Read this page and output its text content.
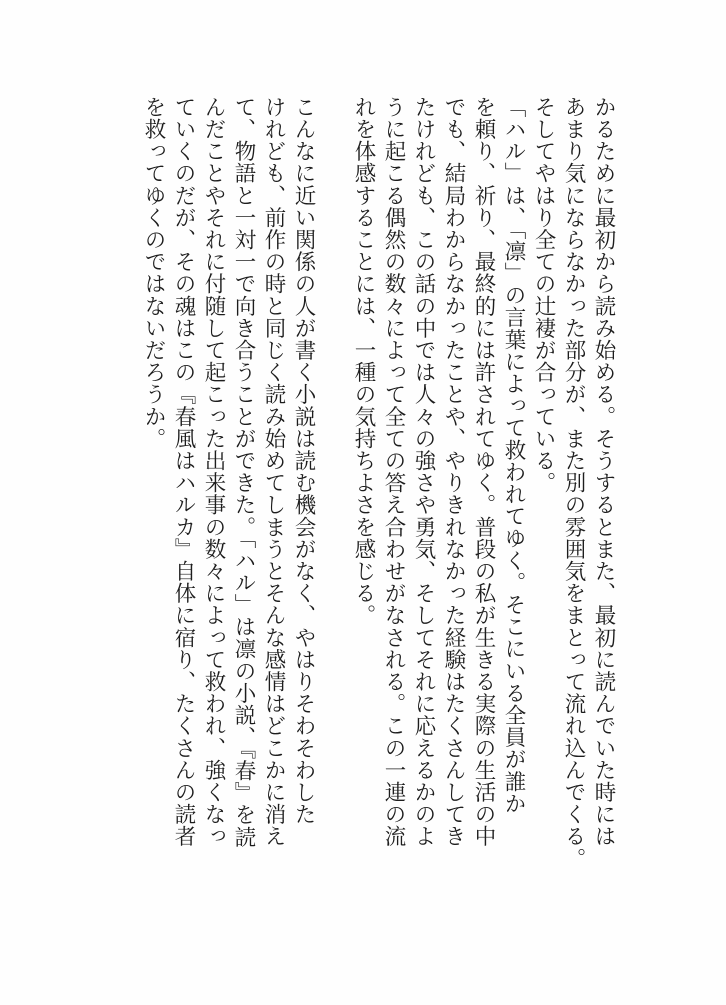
かるために最初から読み始める。そうするとまた、最初に読んでいた時には

あまり気にならなかった部分が、また別の雰囲気をまとって流れ込んでくる。

そしてやはり全ての辻褄が合っている。

「ハル」は、「凛」の言葉によって救われてゆく。そこにいる全員が誰か

を頼り、祈り、最終的には許されてゆく。普段の私が生きる実際の生活の中

でも、結局わからなかったことや、やりきれなかった経験はたくさんしてき

たけれども、この話の中では人々の強さや勇気、そしてそれに応えるかのよ

うに起こる偶然の数々によって全ての答え合わせがなされる。この一連の流

れを体感することには、一種の気持ちよさを感じる。

こんなに近い関係の人が書く小説は読む機会がなく、やはりそわそわした

けれども、前作の時と同じく読み始めてしまうとそんな感情はどこかに消え

て、物語と一対一で向き合うことができた。「ハル」は凛の小説、『春』を読

んだことやそれに付随して起こった出来事の数々によって救われ、強くなっ

ていくのだが、その魂はこの『春風はハルカ』自体に宿り、たくさんの読者

を救ってゆくのではないだろうか。
